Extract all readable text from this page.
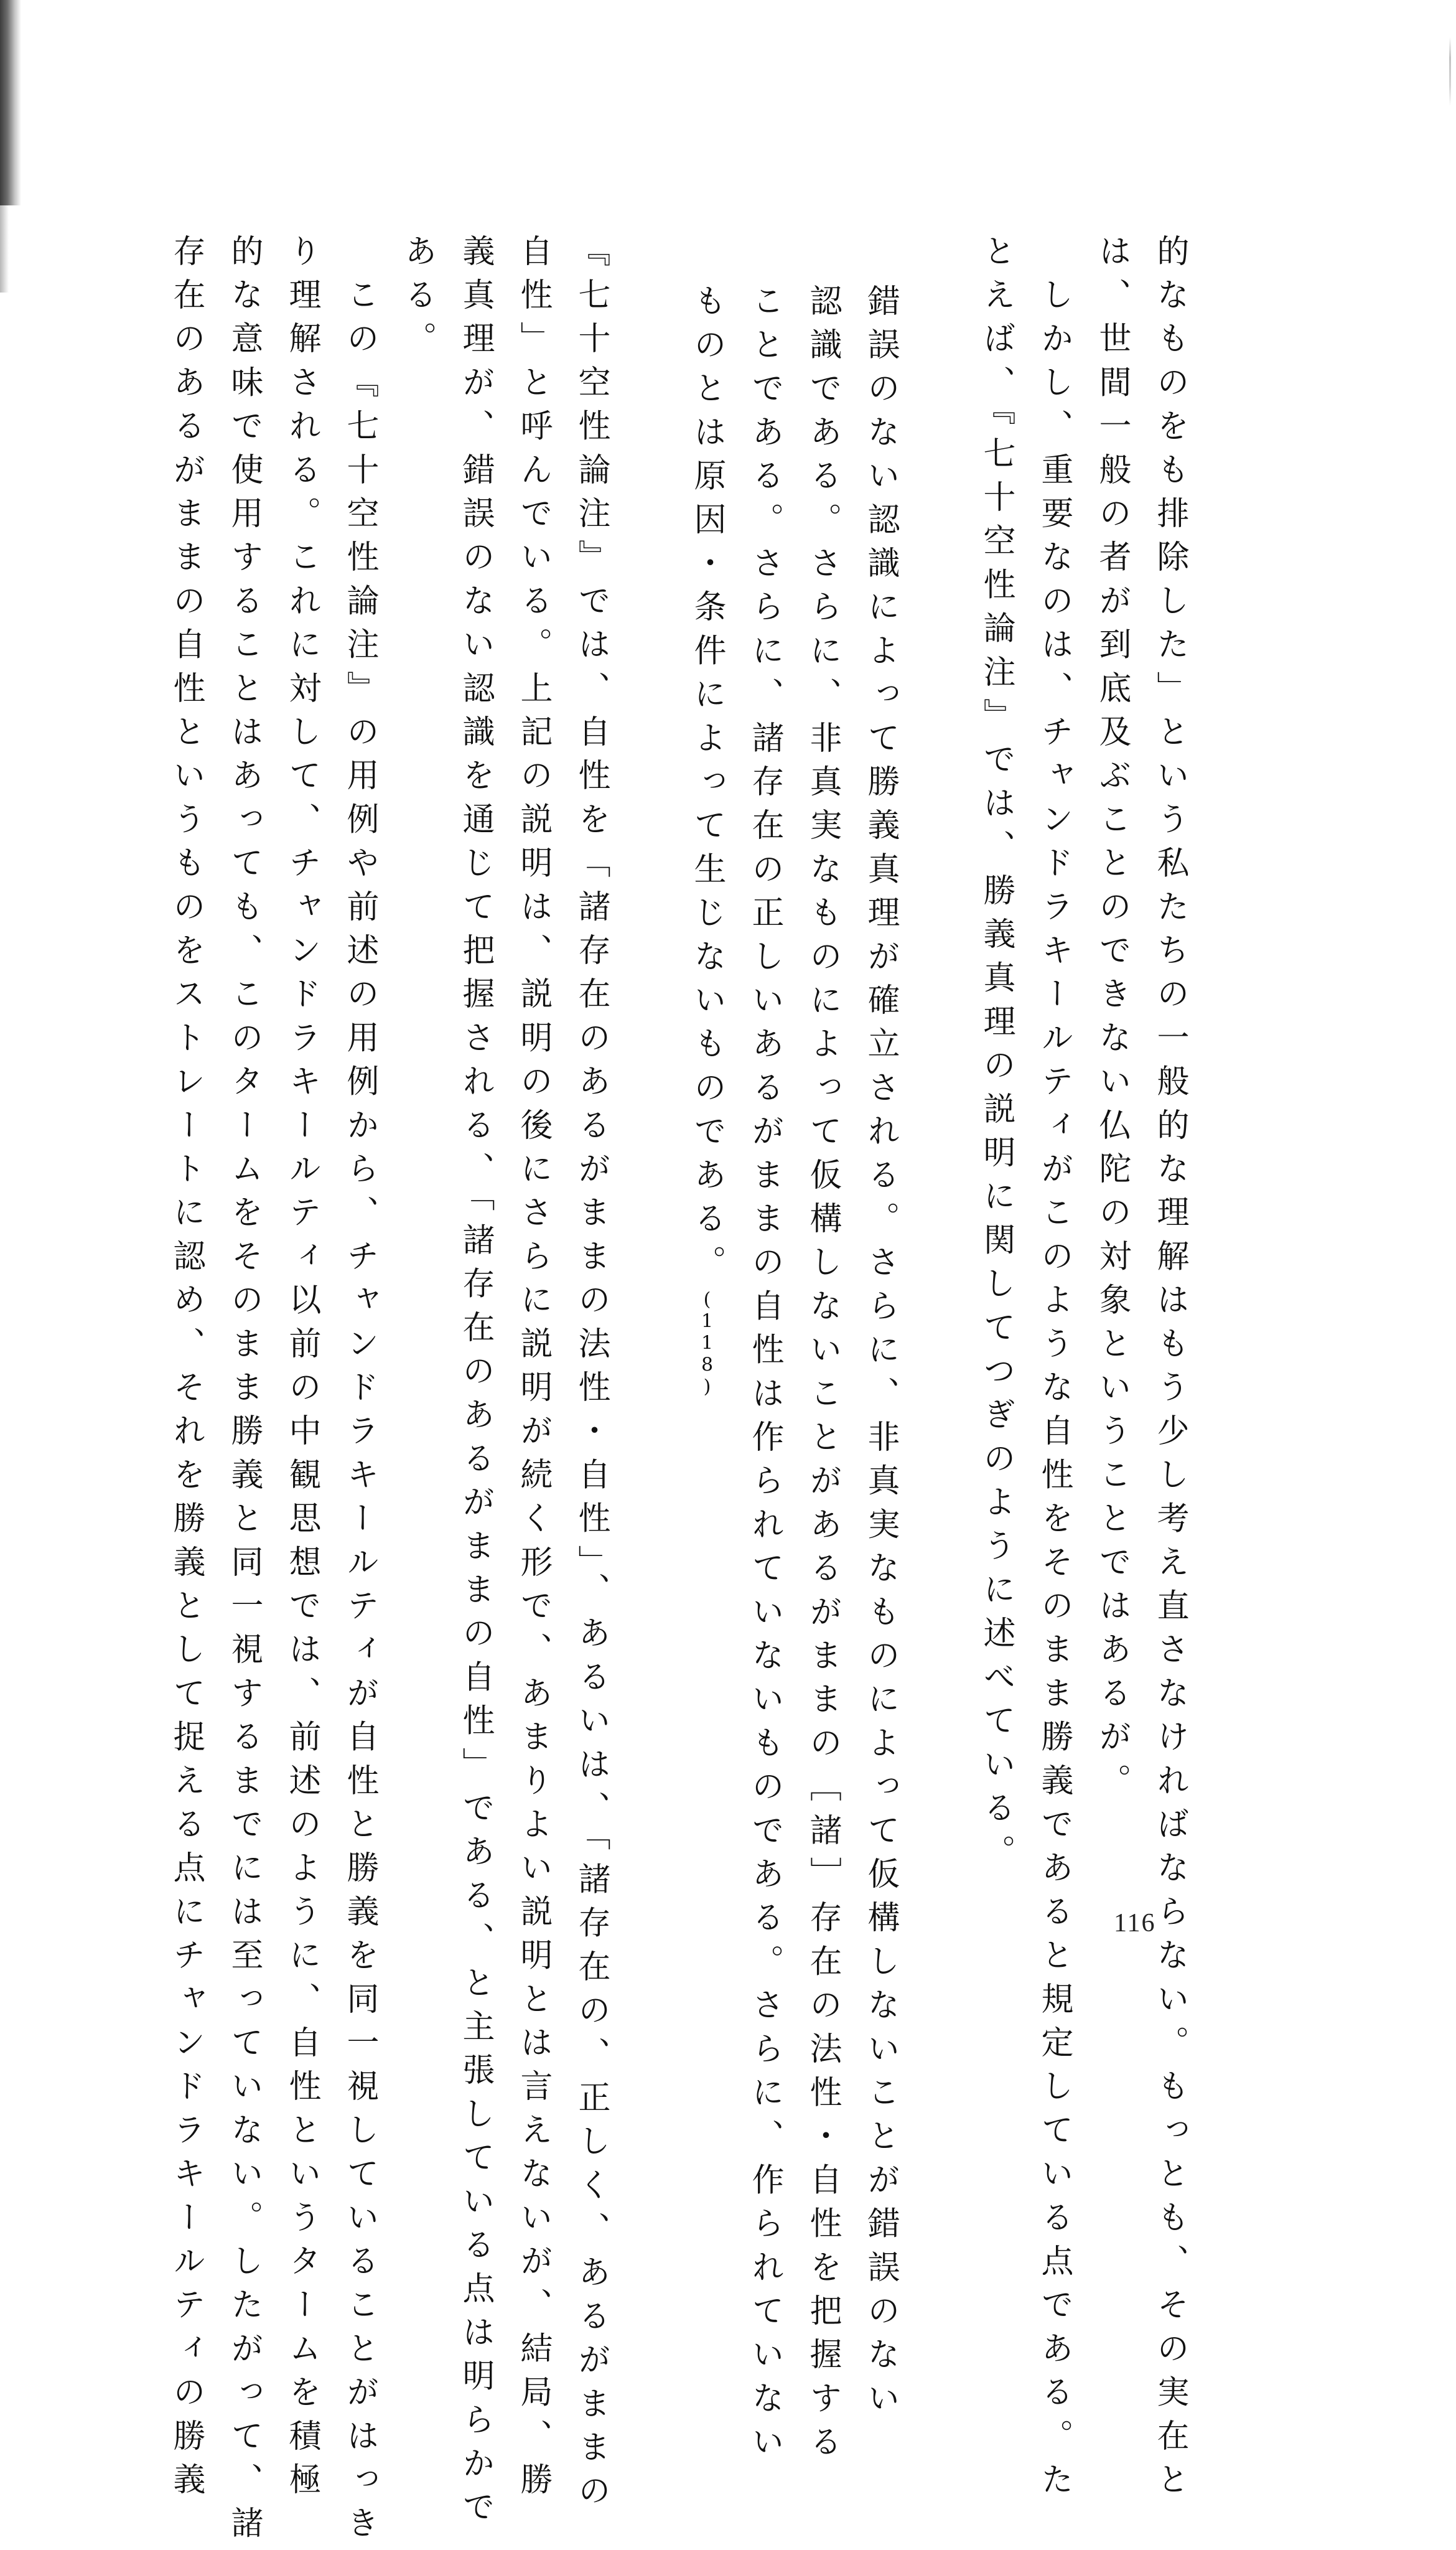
的なものをも排除した」という私たちの一般的な理解はもう少し考え直さなければならない。もっとも、その実在と
は、世間一般の者が到底及ぶことのできない仏陀の対象ということではあるが。
　しかし、重要なのは、チャンドラキールティがこのような自性をそのまま勝義であると規定している点である。た
とえば、『七十空性論注』では、勝義真理の説明に関してつぎのように述べている。
錯誤のない認識によって勝義真理が確立される。さらに、非真実なものによって仮構しないことが錯誤のない
認識である。さらに、非真実なものによって仮構しないことがあるがままの［諸］存在の法性・自性を把握する
ことである。さらに、諸存在の正しいあるがままの自性は作られていないものである。さらに、作られていない
ものとは原因・条件によって生じないものである。(118)
『七十空性論注』では、自性を「諸存在のあるがままの法性・自性」、あるいは、「諸存在の、正しく、あるがままの
自性」と呼んでいる。上記の説明は、説明の後にさらに説明が続く形で、あまりよい説明とは言えないが、結局、勝
義真理が、錯誤のない認識を通じて把握される、「諸存在のあるがままの自性」である、と主張している点は明らかで
ある。
　この『七十空性論注』の用例や前述の用例から、チャンドラキールティが自性と勝義を同一視していることがはっき
り理解される。これに対して、チャンドラキールティ以前の中観思想では、前述のように、自性というタームを積極
的な意味で使用することはあっても、このタームをそのまま勝義と同一視するまでには至っていない。したがって、諸
存在のあるがままの自性というものをストレートに認め、それを勝義として捉える点にチャンドラキールティの勝義	116
